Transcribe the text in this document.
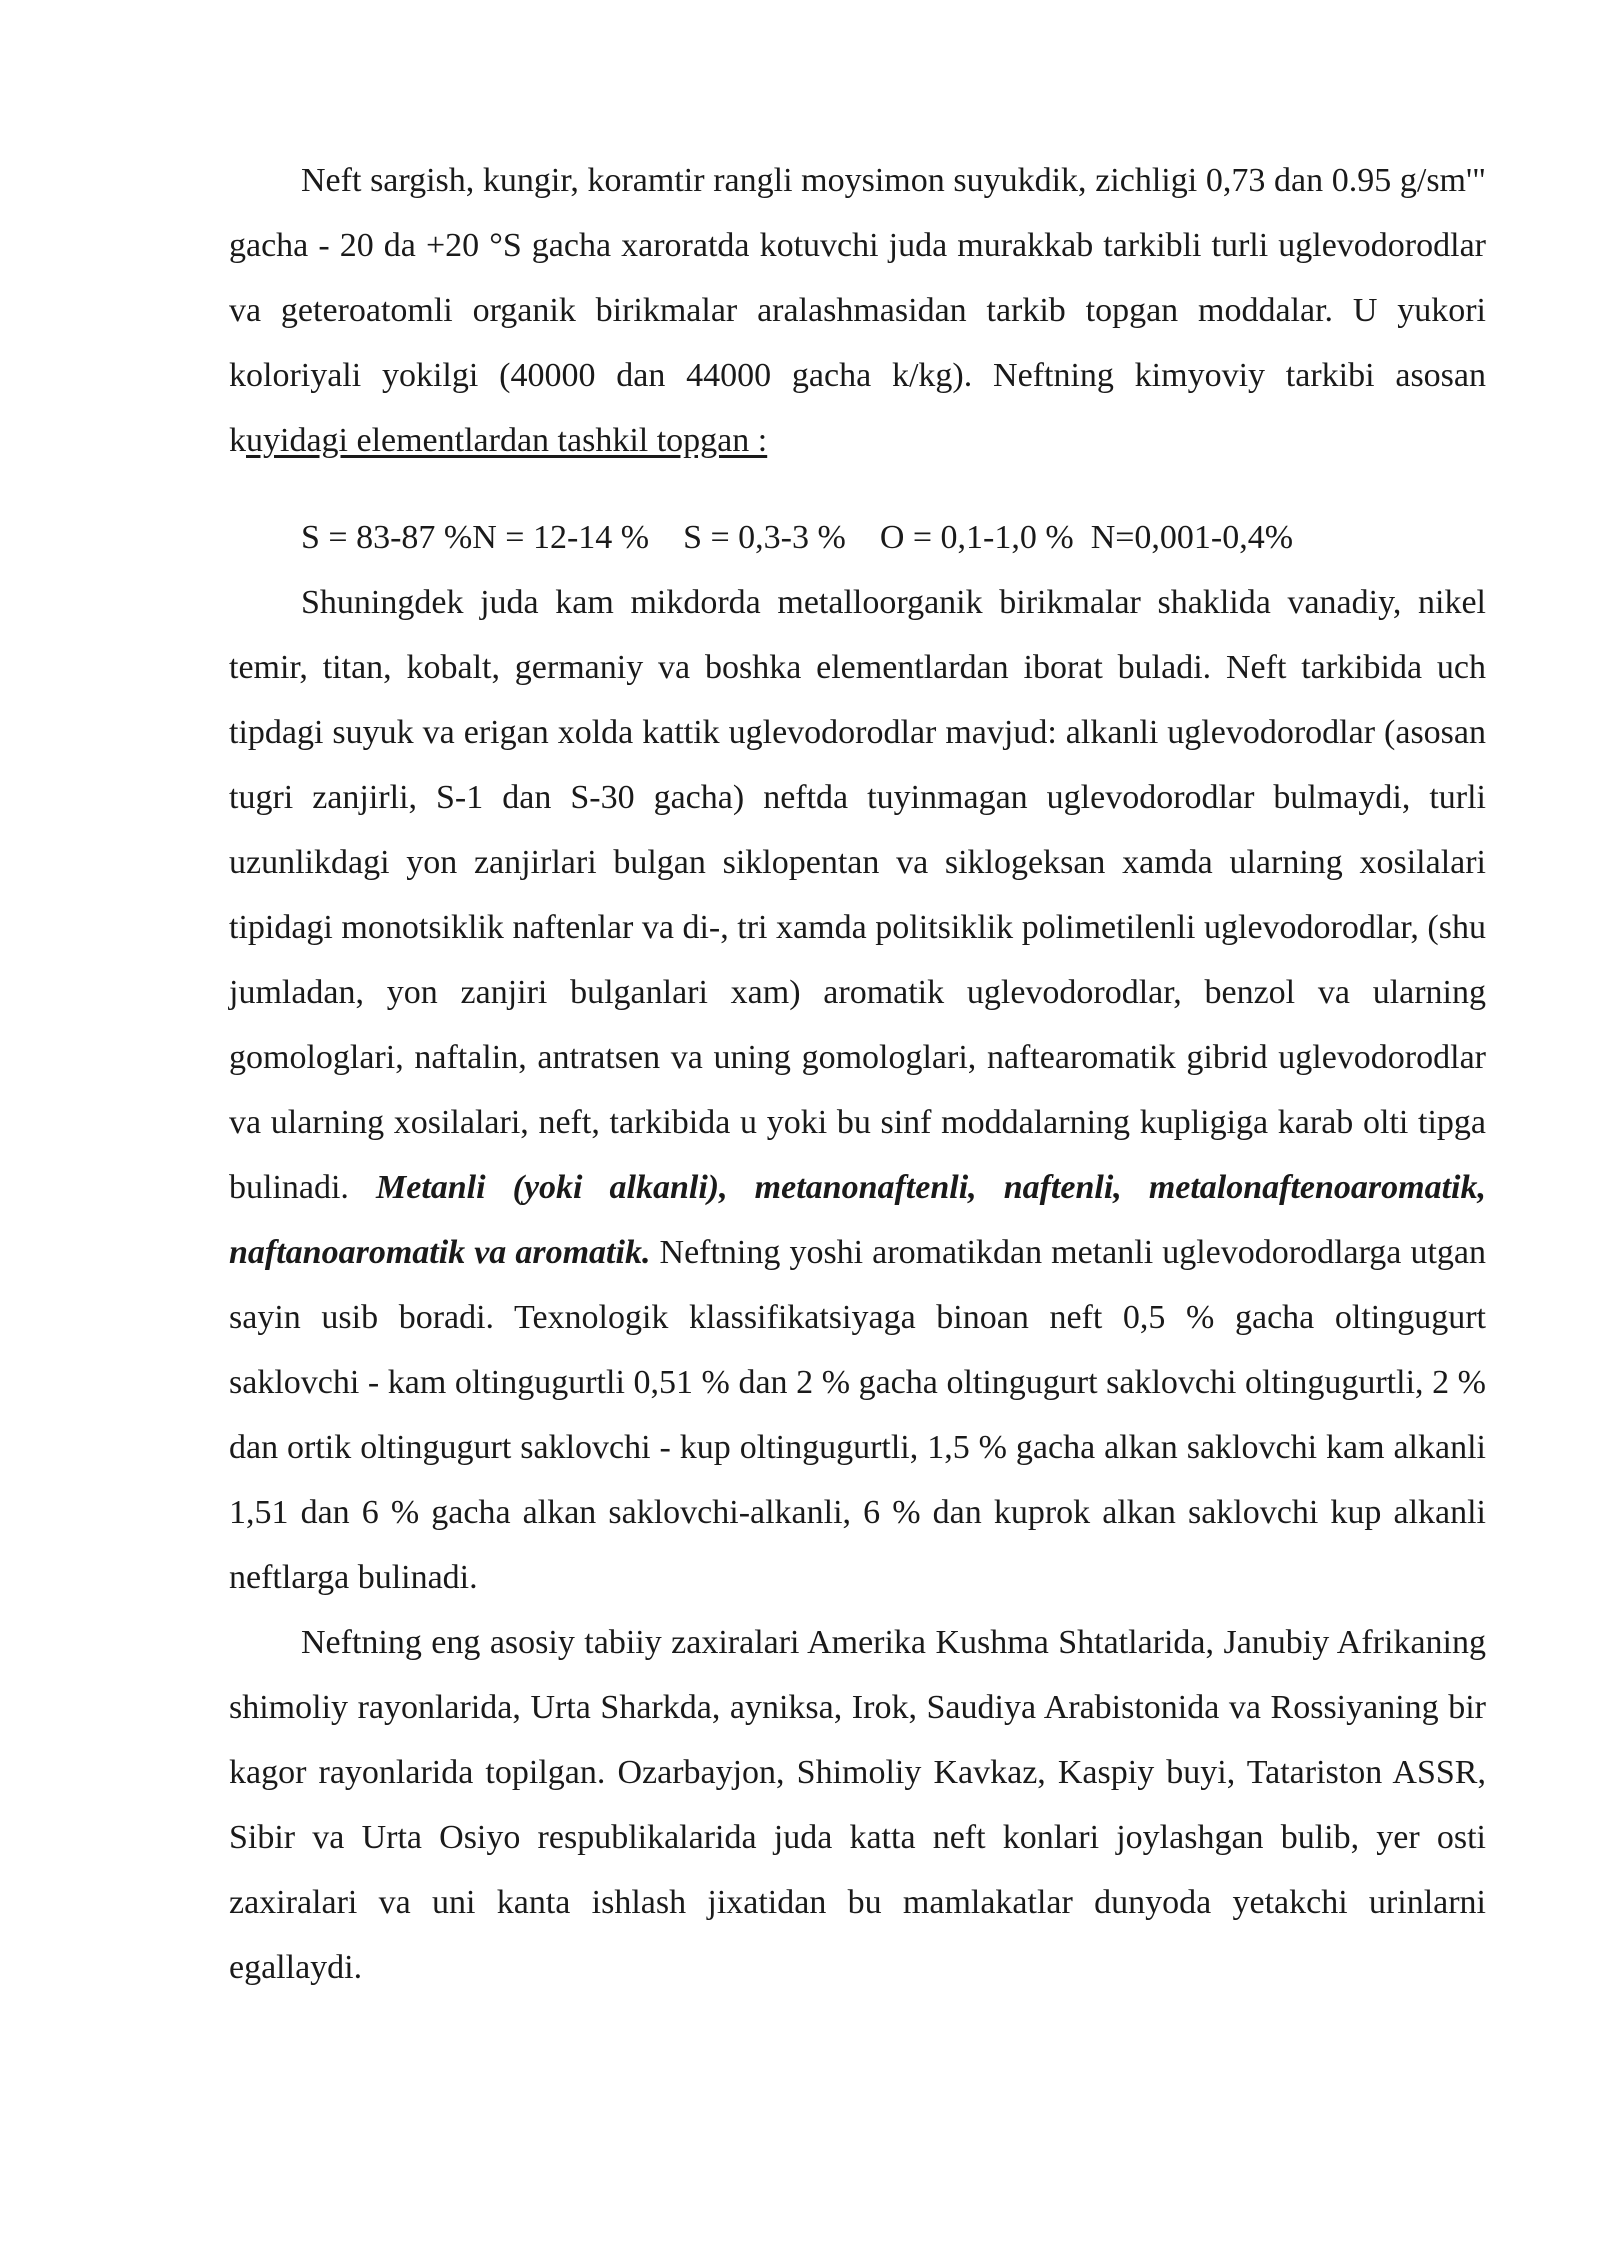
Neft sargish, kungir, koramtir rangli moysimon suyukdik, zichligi 0,73 dan 0.95 g/sm'" gacha - 20 da +20 °S gacha xaroratda kotuvchi juda murakkab tarkibli turli uglevodorodlar va geteroatomli organik birikmalar aralashmasidan tarkib topgan moddalar. U yukori koloriyali yokilgi (40000 dan 44000 gacha k/kg). Neftning kimyoviy tarkibi asosan kuyidagi elementlardan tashkil topgan :

S = 83-87 %N = 12-14 %    S = 0,3-3 %    O = 0,1-1,0 %  N=0,001-0,4%

Shuningdek juda kam mikdorda metalloorganik birikmalar shaklida vanadiy, nikel temir, titan, kobalt, germaniy va boshka elementlardan iborat buladi. Neft tarkibida uch tipdagi suyuk va erigan xolda kattik uglevodorodlar mavjud: alkanli uglevodorodlar (asosan tugri zanjirli, S-1 dan S-30 gacha) neftda tuyinmagan uglevodorodlar bulmaydi, turli uzunlikdagi yon zanjirlari bulgan siklopentan va siklogeksan xamda ularning xosilalari tipidagi monotsiklik naftenlar va di-, tri xamda politsiklik polimetilenli uglevodorodlar, (shu jumladan, yon zanjiri bulganlari xam) aromatik uglevodorodlar, benzol va ularning gomologlari, naftalin, antratsen va uning gomologlari, naftearomatik gibrid uglevodorodlar va ularning xosilalari, neft, tarkibida u yoki bu sinf moddalarning kupligiga karab olti tipga bulinadi. Metanli (yoki alkanli), metanonaftenli, naftenli, metalonaftenoaromatik, naftanoaromatik va aromatik. Neftning yoshi aromatikdan metanli uglevodorodlarga utgan sayin usib boradi. Texnologik klassifikatsiyaga binoan neft 0,5 % gacha oltingugurt saklovchi - kam oltingugurtli 0,51 % dan 2 % gacha oltingugurt saklovchi oltingugurtli, 2 % dan ortik oltingugurt saklovchi - kup oltingugurtli, 1,5 % gacha alkan saklovchi kam alkanli 1,51 dan 6 % gacha alkan saklovchi-alkanli, 6 % dan kuprok alkan saklovchi kup alkanli neftlarga bulinadi.

Neftning eng asosiy tabiiy zaxiralari Amerika Kushma Shtatlarida, Janubiy Afrikaning shimoliy rayonlarida, Urta Sharkda, ayniksa, Irok, Saudiya Arabistonida va Rossiyaning bir kagor rayonlarida topilgan. Ozarbayjon, Shimoliy Kavkaz, Kaspiy buyi, Tatariston ASSR, Sibir va Urta Osiyo respublikalarida juda katta neft konlari joylashgan bulib, yer osti zaxiralari va uni kanta ishlash jixatidan bu mamlakatlar dunyoda yetakchi urinlarni egallaydi.
